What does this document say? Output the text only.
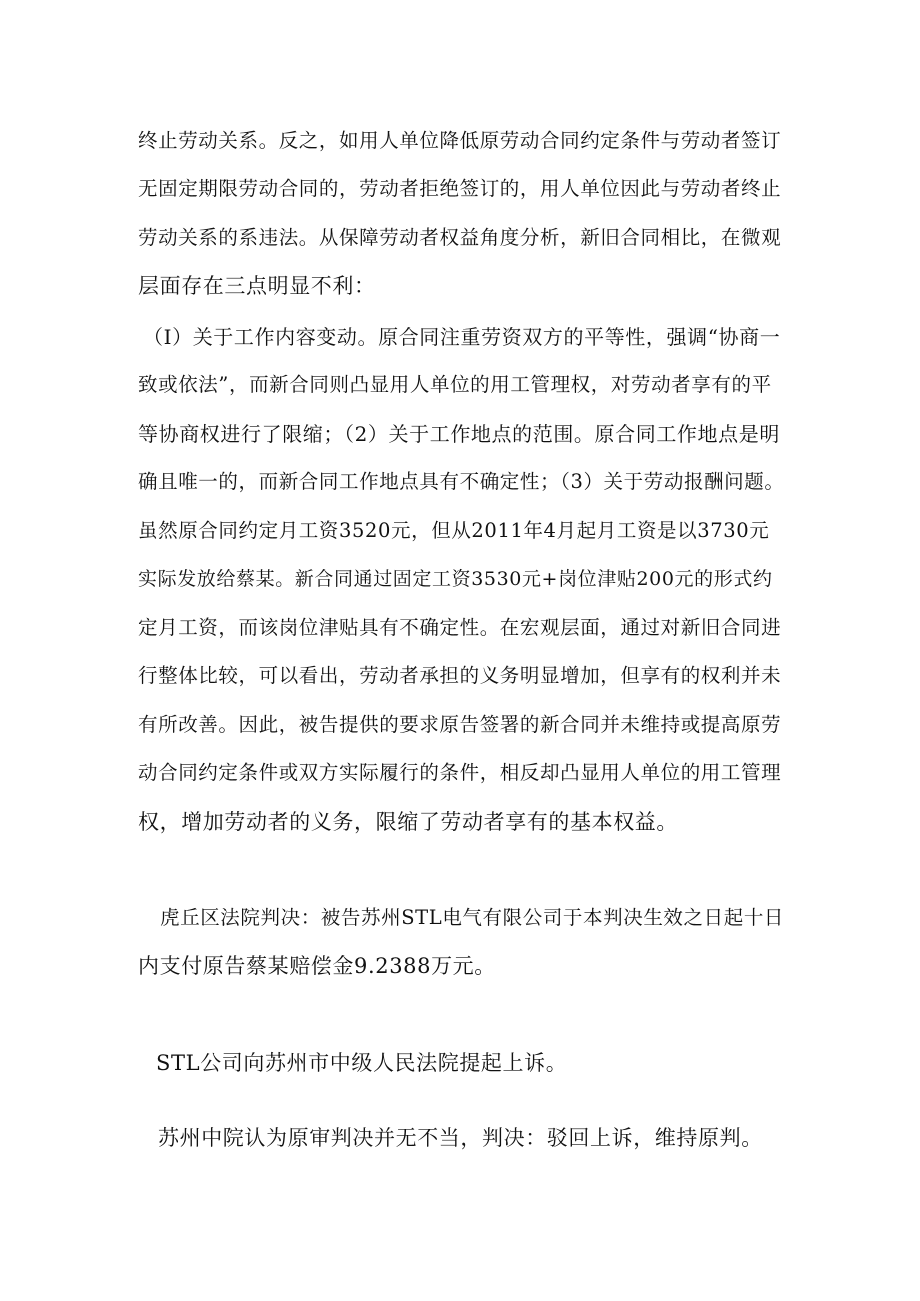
终止劳动关系。反之，如用人单位降低原劳动合同约定条件与劳动者签订
无固定期限劳动合同的，劳动者拒绝签订的，用人单位因此与劳动者终止
劳动关系的系违法。从保障劳动者权益角度分析，新旧合同相比，在微观
层面存在三点明显不利：
（I）关于工作内容变动。原合同注重劳资双方的平等性，强调“协商一
致或依法”，而新合同则凸显用人单位的用工管理权，对劳动者享有的平
等协商权进行了限缩；（2）关于工作地点的范围。原合同工作地点是明
确且唯一的，而新合同工作地点具有不确定性；（3）关于劳动报酬问题。
虽然原合同约定月工资3520元，但从2011年4月起月工资是以3730元
实际发放给蔡某。新合同通过固定工资3530元+岗位津贴200元的形式约
定月工资，而该岗位津贴具有不确定性。在宏观层面，通过对新旧合同进
行整体比较，可以看出，劳动者承担的义务明显增加，但享有的权利并未
有所改善。因此，被告提供的要求原告签署的新合同并未维持或提高原劳
动合同约定条件或双方实际履行的条件，相反却凸显用人单位的用工管理
权，增加劳动者的义务，限缩了劳动者享有的基本权益。
虎丘区法院判决：被告苏州STL电气有限公司于本判决生效之日起十日
内支付原告蔡某赔偿金9.2388万元。
STL公司向苏州市中级人民法院提起上诉。
苏州中院认为原审判决并无不当，判决：驳回上诉，维持原判。
